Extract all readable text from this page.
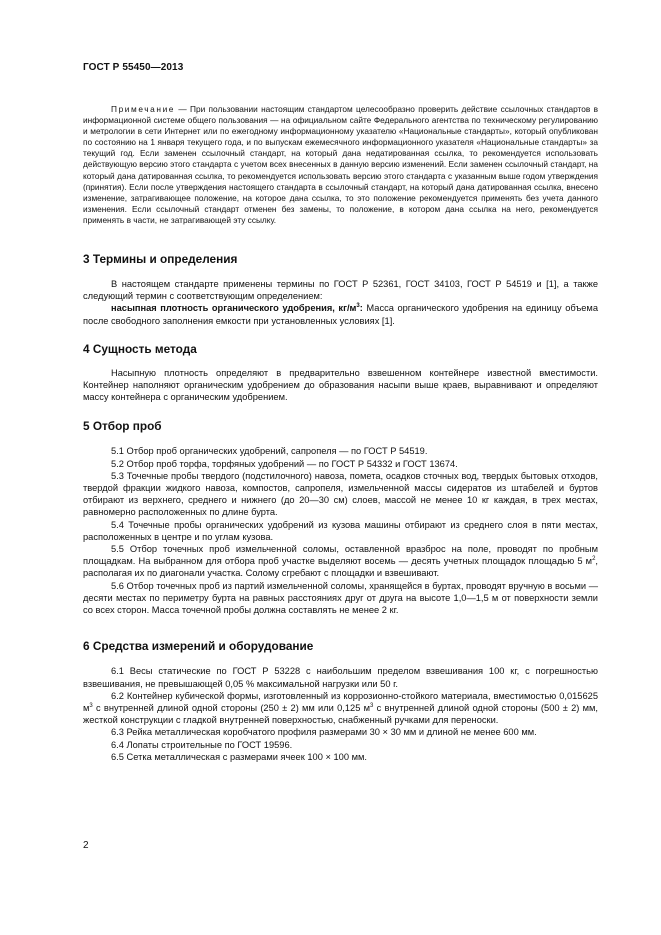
ГОСТ Р 55450—2013

Примечание — При пользовании настоящим стандартом целесообразно проверить действие ссылочных стандартов в информационной системе общего пользования — на официальном сайте Федерального агентства по техническому регулированию и метрологии в сети Интернет или по ежегодному информационному указателю «Национальные стандарты», который опубликован по состоянию на 1 января текущего года, и по выпускам ежемесячного информационного указателя «Национальные стандарты» за текущий год. Если заменен ссылочный стандарт, на который дана недатированная ссылка, то рекомендуется использовать действующую версию этого стандарта с учетом всех внесенных в данную версию изменений. Если заменен ссылочный стандарт, на который дана датированная ссылка, то рекомендуется использовать версию этого стандарта с указанным выше годом утверждения (принятия). Если после утверждения настоящего стандарта в ссылочный стандарт, на который дана датированная ссылка, внесено изменение, затрагивающее положение, на которое дана ссылка, то это положение рекомендуется применять без учета данного изменения. Если ссылочный стандарт отменен без замены, то положение, в котором дана ссылка на него, рекомендуется применять в части, не затрагивающей эту ссылку.

3 Термины и определения

В настоящем стандарте применены термины по ГОСТ Р 52361, ГОСТ 34103, ГОСТ Р 54519 и [1], а также следующий термин с соответствующим определением:

насыпная плотность органического удобрения, $кг/м^3$: Масса органического удобрения на единицу объема после свободного заполнения емкости при установленных условиях [1].

4 Сущность метода

Насыпную плотность определяют в предварительно взвешенном контейнере известной вместимости. Контейнер наполняют органическим удобрением до образования насыпи выше краев, выравнивают и определяют массу контейнера с органическим удобрением.

5 Отбор проб

5.1 Отбор проб органических удобрений, сапропеля — по ГОСТ Р 54519.

5.2 Отбор проб торфа, торфяных удобрений — по ГОСТ Р 54332 и ГОСТ 13674.

5.3 Точечные пробы твердого (подстилочного) навоза, помета, осадков сточных вод, твердых бытовых отходов, твердой фракции жидкого навоза, компостов, сапропеля, измельченной массы сидератов из штабелей и буртов отбирают из верхнего, среднего и нижнего (до 20—30 см) слоев, массой не менее 10 кг каждая, в трех местах, равномерно расположенных по длине бурта.

5.4 Точечные пробы органических удобрений из кузова машины отбирают из среднего слоя в пяти местах, расположенных в центре и по углам кузова.

5.5 Отбор точечных проб измельченной соломы, оставленной вразброс на поле, проводят по пробным площадкам. На выбранном для отбора проб участке выделяют восемь — десять учетных площадок площадью 5 $м^2$, располагая их по диагонали участка. Солому сгребают с площадки и взвешивают.

5.6 Отбор точечных проб из партий измельченной соломы, хранящейся в буртах, проводят вручную в восьми — десяти местах по периметру бурта на равных расстояниях друг от друга на высоте 1,0—1,5 м от поверхности земли со всех сторон. Масса точечной пробы должна составлять не менее 2 кг.

6 Средства измерений и оборудование

6.1 Весы статические по ГОСТ Р 53228 с наибольшим пределом взвешивания 100 кг, с погрешностью взвешивания, не превышающей 0,05 % максимальной нагрузки или 50 г.

6.2 Контейнер кубической формы, изготовленный из коррозионно-стойкого материала, вместимостью 0,015625 $м^3$ с внутренней длиной одной стороны (250 ± 2) мм или 0,125 $м^3$ с внутренней длиной одной стороны (500 ± 2) мм, жесткой конструкции с гладкой внутренней поверхностью, снабженный ручками для переноски.

6.3 Рейка металлическая коробчатого профиля размерами 30 × 30 мм и длиной не менее 600 мм.

6.4 Лопаты строительные по ГОСТ 19596.

6.5 Сетка металлическая с размерами ячеек 100 × 100 мм.

2
